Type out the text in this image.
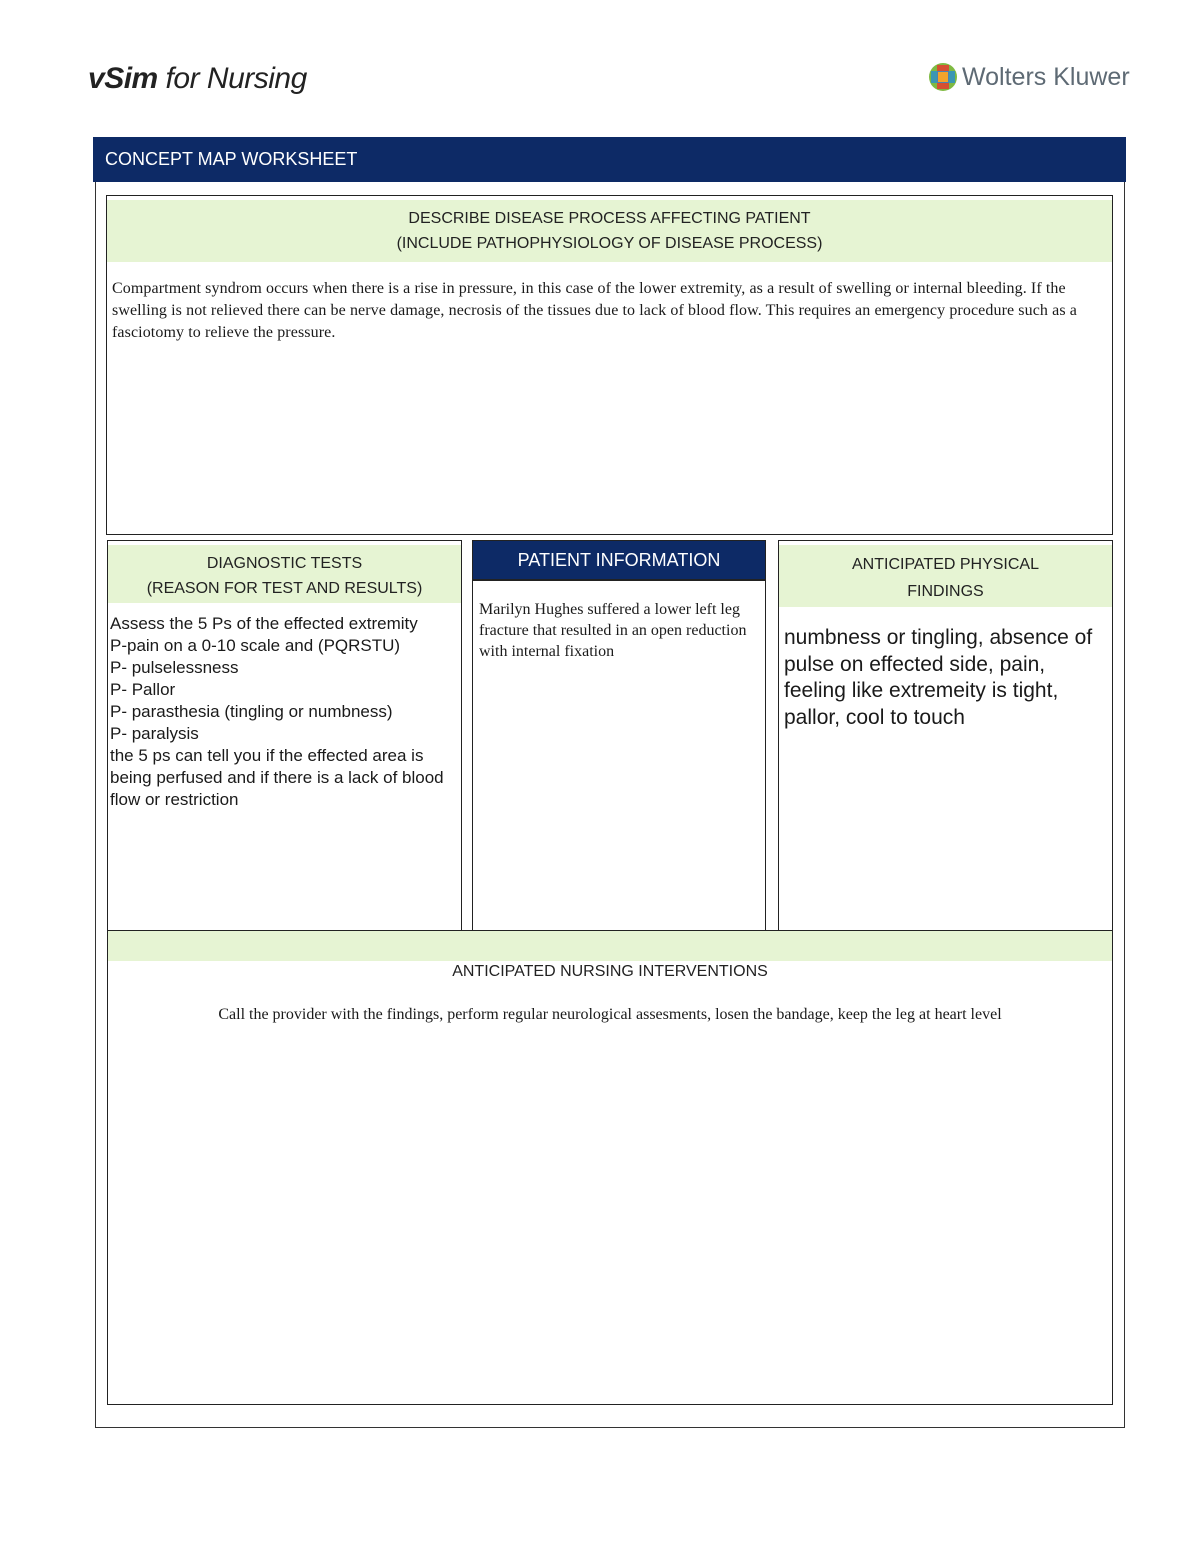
vSim for Nursing	Wolters Kluwer
CONCEPT MAP WORKSHEET
DESCRIBE DISEASE PROCESS AFFECTING PATIENT
(INCLUDE PATHOPHYSIOLOGY OF DISEASE PROCESS)
Compartment syndrom occurs when there is a rise in pressure, in this case of the lower extremity, as a result of swelling or internal bleeding. If the swelling is not relieved there can be nerve damage, necrosis of the tissues due to lack of blood flow. This requires an emergency procedure such as a fasciotomy to relieve the pressure.
DIAGNOSTIC TESTS
(REASON FOR TEST AND RESULTS)
Assess the 5 Ps of the effected extremity
P-pain on a 0-10 scale and (PQRSTU)
P- pulselessness
P- Pallor
P- parasthesia (tingling or numbness)
P- paralysis
the 5 ps can tell you if the effected area is being perfused and if there is a lack of blood flow or restriction
PATIENT INFORMATION
Marilyn Hughes suffered a lower left leg fracture that resulted in an open reduction with internal fixation
ANTICIPATED PHYSICAL
FINDINGS
numbness or tingling, absence of pulse on effected side, pain, feeling like extremeity is tight, pallor, cool to touch
ANTICIPATED NURSING INTERVENTIONS
Call the provider with the findings, perform regular neurological assesments, losen the bandage, keep the leg at heart level
